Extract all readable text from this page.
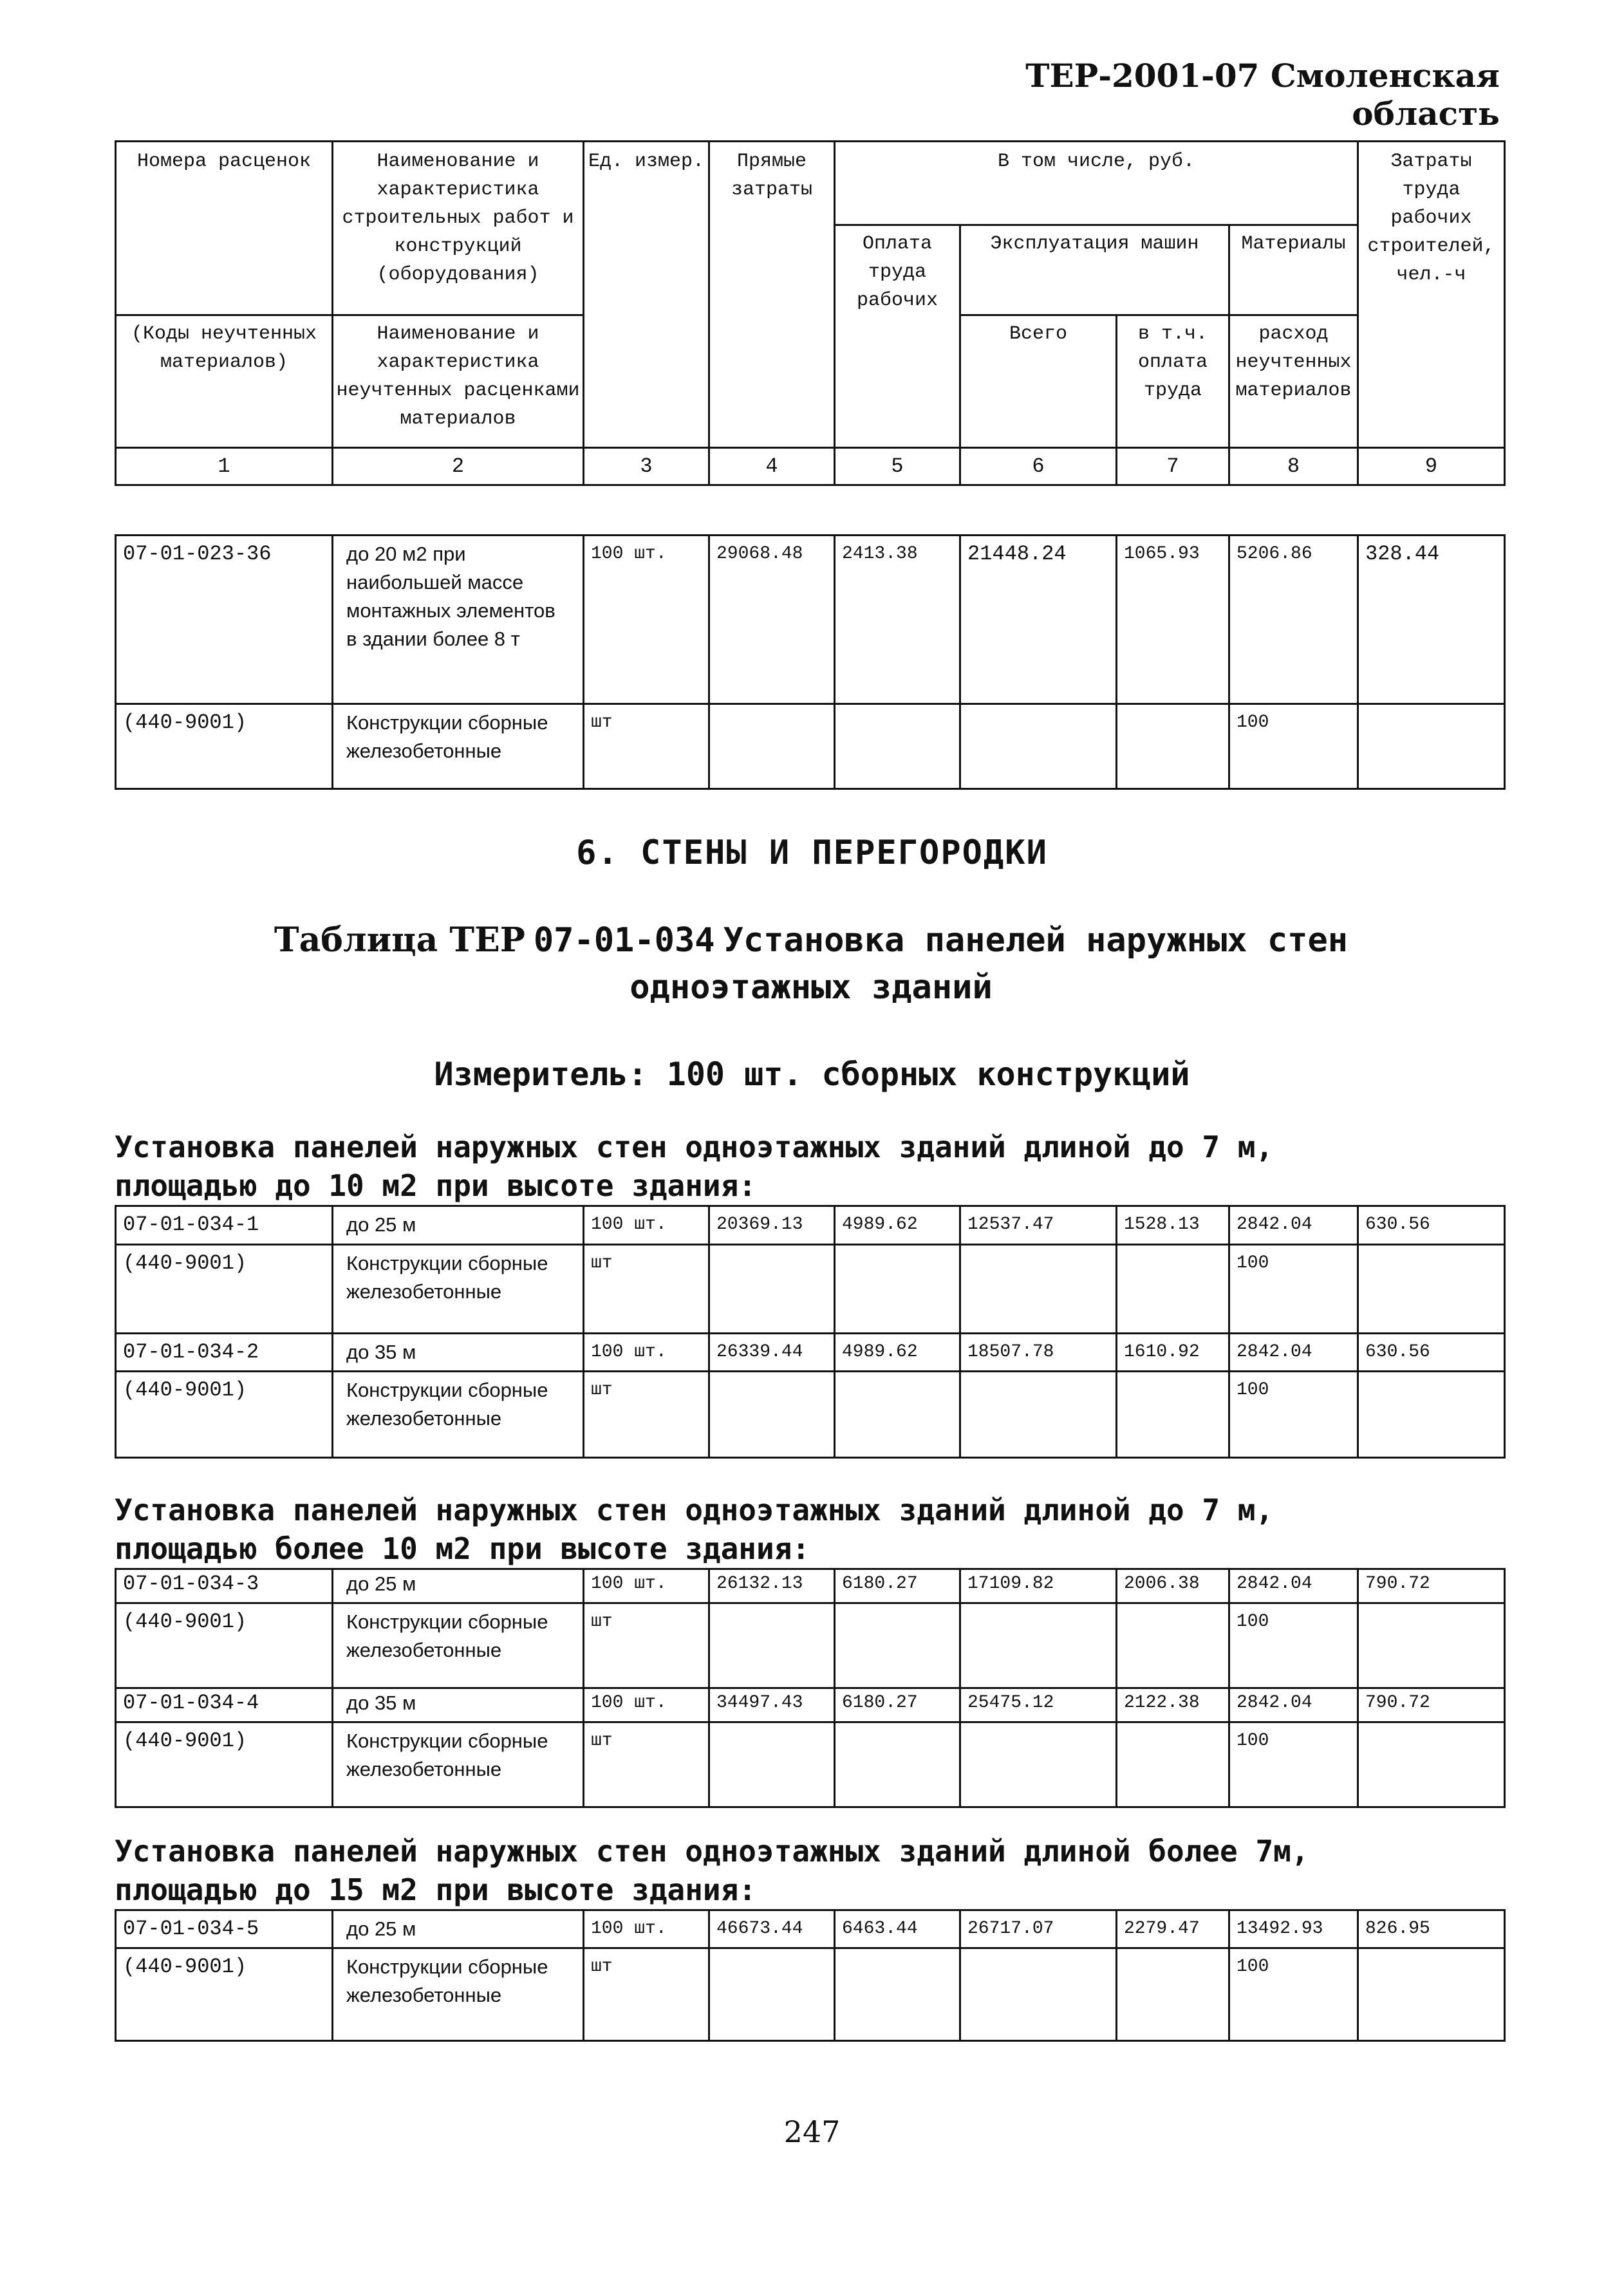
ТЕР-2001-07 Смоленская область
Номера расценок	Наименование и характеристика строительных работ и конструкций (оборудования)	Ед. измер.	Прямые затраты	В том числе, руб.				Затраты труда рабочих строителей, чел.-ч
				Оплата труда рабочих	Эксплуатация машин		Материалы	
(Коды неучтенных материалов)	Наименование и характеристика неучтенных расценками материалов				Всего	в т.ч. оплата труда	расход неучтенных материалов	

1	2	3	4	5	6	7	8	9
07-01-023-36	до 20 м2 при наибольшей массе монтажных элементов в здании более 8 т	100 шт.	29068.48	2413.38	21448.24	1065.93	5206.86	328.44
(440-9001)	Конструкции сборные железобетонные	шт					100	
6. СТЕНЫ И ПЕРЕГОРОДКИ
Таблица ТЕР 07-01-034 Установка панелей наружных стен
одноэтажных зданий
Измеритель: 100 шт. сборных конструкций
Установка панелей наружных стен одноэтажных зданий длиной до 7 м,
площадью до 10 м2 при высоте здания:
07-01-034-1	до 25 м	100 шт.	20369.13	4989.62	12537.47	1528.13	2842.04	630.56
(440-9001)	Конструкции сборные железобетонные	шт					100	
07-01-034-2	до 35 м	100 шт.	26339.44	4989.62	18507.78	1610.92	2842.04	630.56
(440-9001)	Конструкции сборные железобетонные	шт					100	
Установка панелей наружных стен одноэтажных зданий длиной до 7 м,
площадью более 10 м2 при высоте здания:
07-01-034-3	до 25 м	100 шт.	26132.13	6180.27	17109.82	2006.38	2842.04	790.72
(440-9001)	Конструкции сборные железобетонные	шт					100	
07-01-034-4	до 35 м	100 шт.	34497.43	6180.27	25475.12	2122.38	2842.04	790.72
(440-9001)	Конструкции сборные железобетонные	шт					100	
Установка панелей наружных стен одноэтажных зданий длиной более 7м,
площадью до 15 м2 при высоте здания:
07-01-034-5	до 25 м	100 шт.	46673.44	6463.44	26717.07	2279.47	13492.93	826.95
(440-9001)	Конструкции сборные железобетонные	шт					100	
247
